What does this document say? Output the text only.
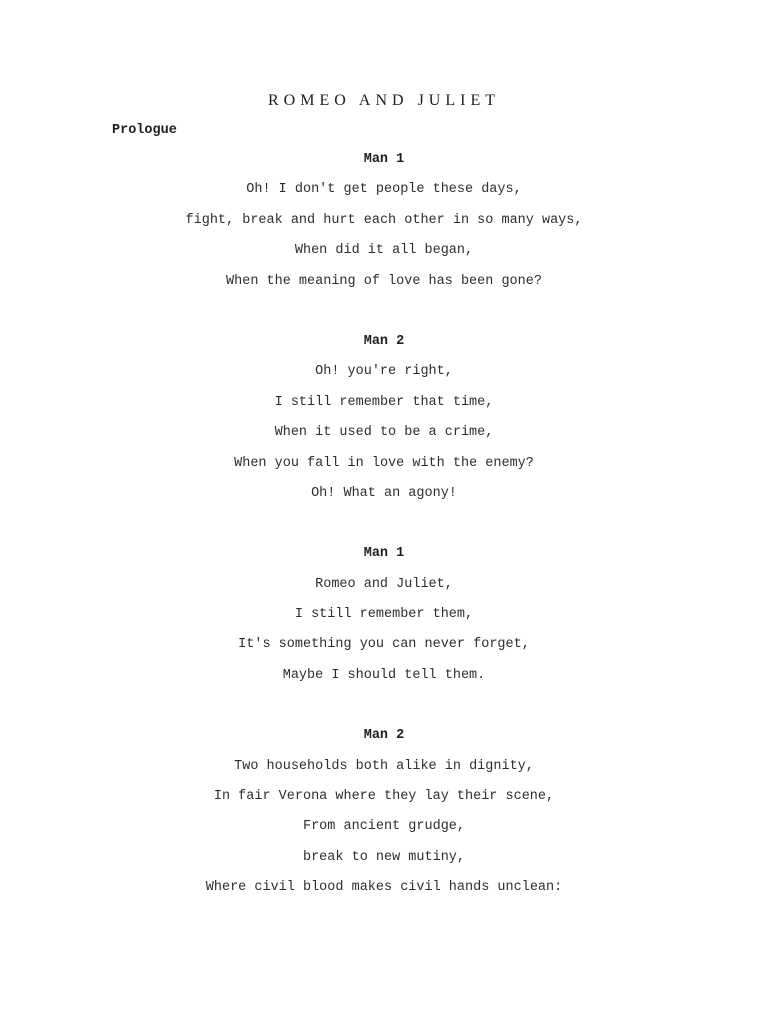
ROMEO AND JULIET
Prologue
Man 1
Oh! I don't get people these days,
fight, break and hurt each other in so many ways,
When did it all began,
When the meaning of love has been gone?
Man 2
Oh! you're right,
I still remember that time,
When it used to be a crime,
When you fall in love with the enemy?
Oh! What an agony!
Man 1
Romeo and Juliet,
I still remember them,
It's something you can never forget,
Maybe I should tell them.
Man 2
Two households both alike in dignity,
In fair Verona where they lay their scene,
From ancient grudge,
break to new mutiny,
Where civil blood makes civil hands unclean:
